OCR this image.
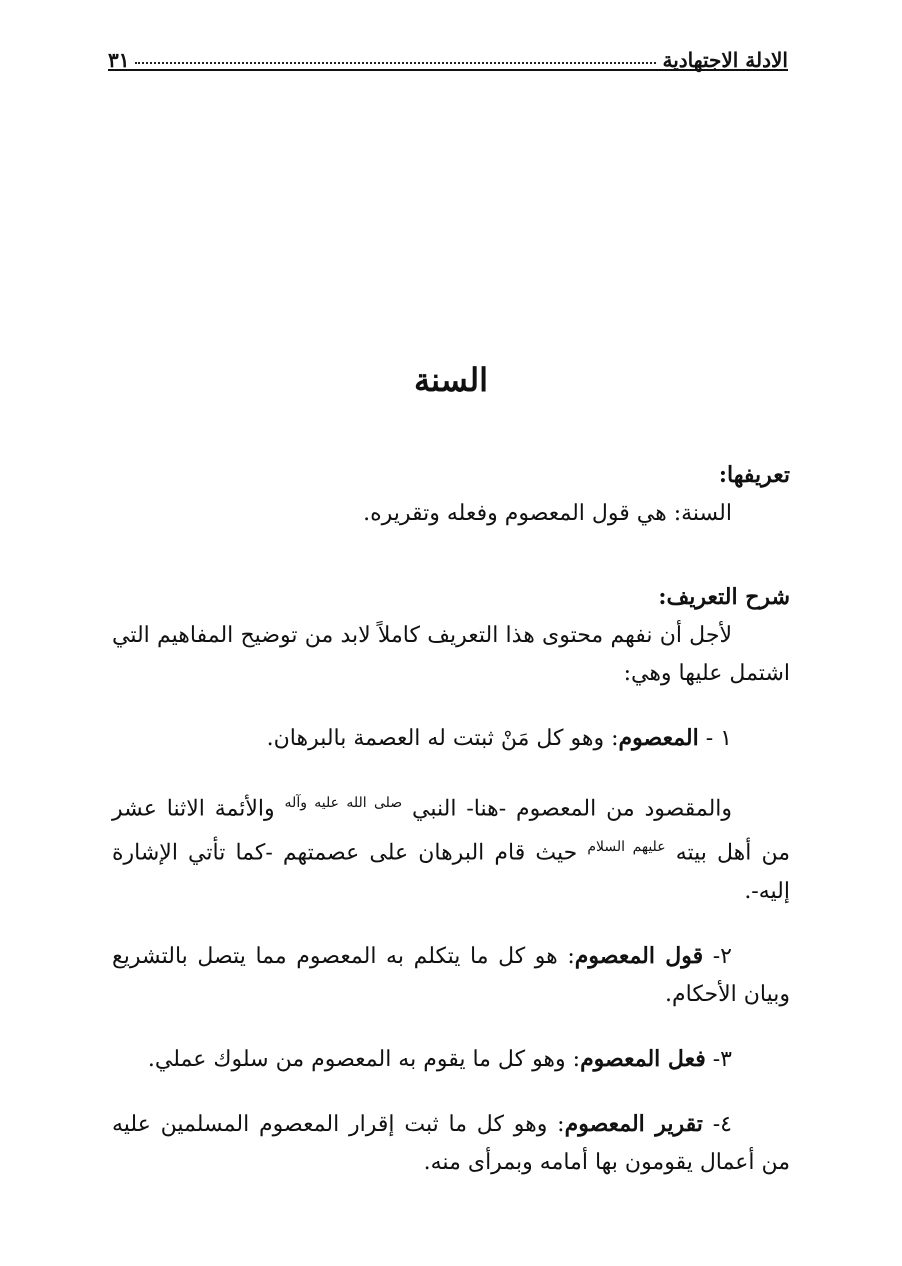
الادلة الاجتهادية
٣١
السنة

تعريفها:

السنة: هي قول المعصوم وفعله وتقريره.

شرح التعريف:

لأجل أن نفهم محتوى هذا التعريف كاملاً لابد من توضيح المفاهيم التي اشتمل عليها وهي:

١ - المعصوم: وهو كل مَنْ ثبتت له العصمة بالبرهان.

والمقصود من المعصوم -هنا- النبي $^{صلى الله عليه وآله}$ والأئمة الاثنا عشر من أهل بيته $^{عليهم السلام}$ حيث قام البرهان على عصمتهم -كما تأتي الإشارة إليه-.

٢- قول المعصوم: هو كل ما يتكلم به المعصوم مما يتصل بالتشريع وبيان الأحكام.

٣- فعل المعصوم: وهو كل ما يقوم به المعصوم من سلوك عملي.

٤- تقرير المعصوم: وهو كل ما ثبت إقرار المعصوم المسلمين عليه من أعمال يقومون بها أمامه وبمرأى منه.
